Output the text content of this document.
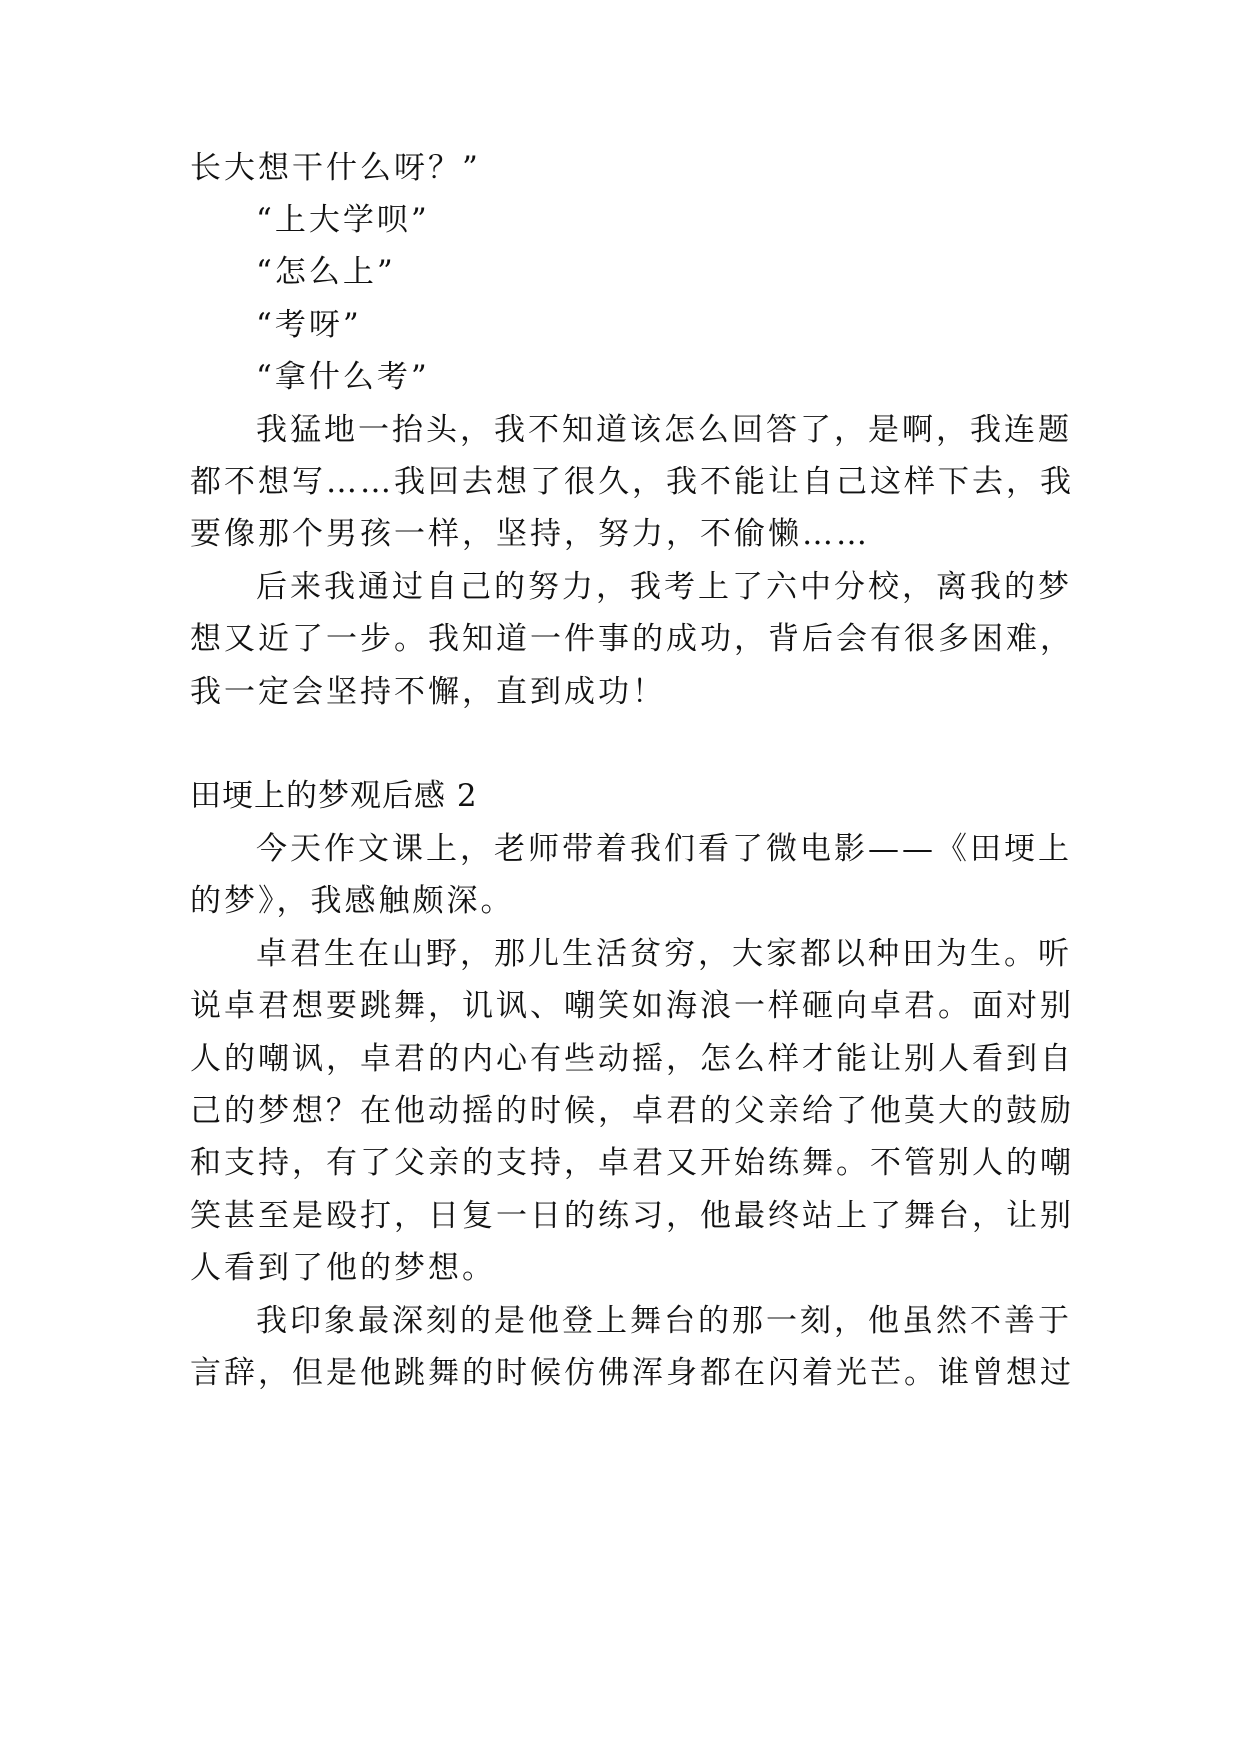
长大想干什么呀？”
“上大学呗”
“怎么上”
“考呀”
“拿什么考”
我猛地一抬头，我不知道该怎么回答了，是啊，我连题
都不想写……我回去想了很久，我不能让自己这样下去，我
要像那个男孩一样，坚持，努力，不偷懒……
后来我通过自己的努力，我考上了六中分校，离我的梦
想又近了一步。我知道一件事的成功，背后会有很多困难，
我一定会坚持不懈，直到成功！
田埂上的梦观后感 2
今天作文课上，老师带着我们看了微电影——《田埂上
的梦》，我感触颇深。
卓君生在山野，那儿生活贫穷，大家都以种田为生。听
说卓君想要跳舞，讥讽、嘲笑如海浪一样砸向卓君。面对别
人的嘲讽，卓君的内心有些动摇，怎么样才能让别人看到自
己的梦想？在他动摇的时候，卓君的父亲给了他莫大的鼓励
和支持，有了父亲的支持，卓君又开始练舞。不管别人的嘲
笑甚至是殴打，日复一日的练习，他最终站上了舞台，让别
人看到了他的梦想。
我印象最深刻的是他登上舞台的那一刻，他虽然不善于
言辞，但是他跳舞的时候仿佛浑身都在闪着光芒。谁曾想过
